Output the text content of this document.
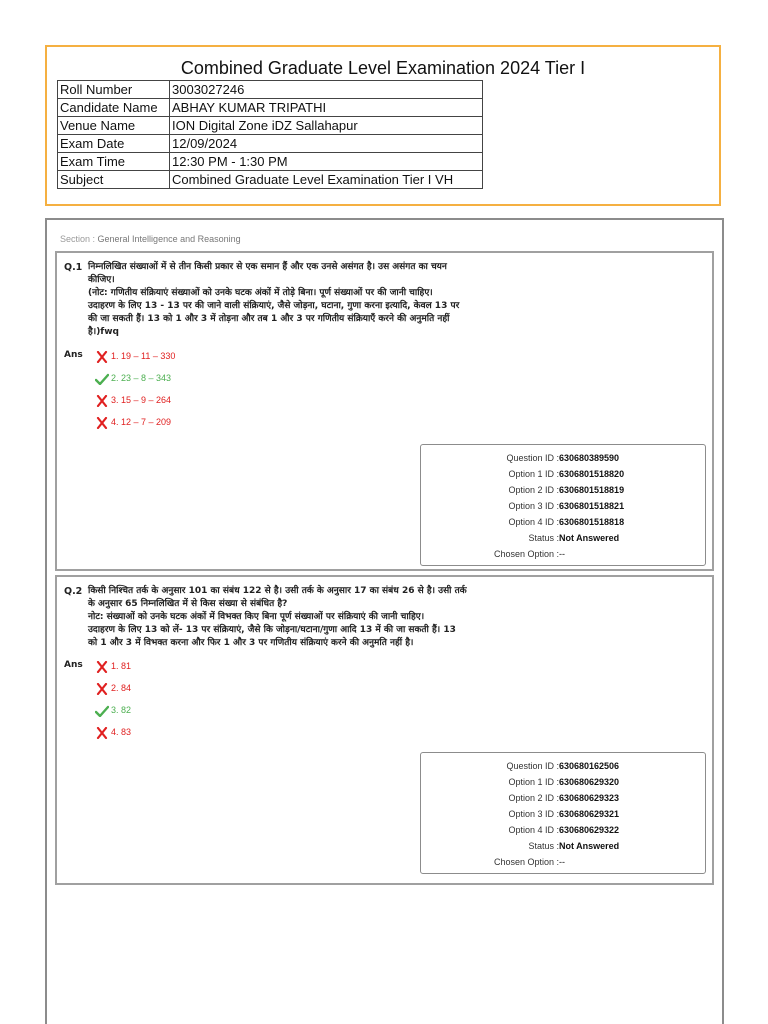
Combined Graduate Level Examination 2024 Tier I
Roll Number	3003027246
Candidate Name	ABHAY KUMAR TRIPATHI
Venue Name	ION Digital Zone iDZ Sallahapur
Exam Date	12/09/2024
Exam Time	12:30 PM - 1:30 PM
Subject	Combined Graduate Level Examination Tier I VH
Section : General Intelligence and Reasoning
Q.1 निम्नलिखित संख्याओं में से तीन किसी प्रकार से एक समान हैं और एक उनसे असंगत है। उस असंगत का चयन
कीजिए।
(नोट: गणितीय संक्रियाएं संख्याओं को उनके घटक अंकों में तोड़े बिना। पूर्ण संख्याओं पर की जानी चाहिए।
उदाहरण के लिए 13 - 13 पर की जाने वाली संक्रियाएं, जैसे जोड़ना, घटाना, गुणा करना इत्यादि, केवल 13 पर
की जा सकती हैं। 13 को 1 और 3 में तोड़ना और तब 1 और 3 पर गणितीय संक्रियाएँ करने की अनुमति नहीं
है।)fwq
Ans	1. 19 – 11 – 330
2. 23 – 8 – 343
3. 15 – 9 – 264
4. 12 – 7 – 209
Question ID :630680389590
Option 1 ID :6306801518820
Option 2 ID :6306801518819
Option 3 ID :6306801518821
Option 4 ID :6306801518818
Status :Not Answered
Chosen Option :--
Q.2 किसी निश्चित तर्क के अनुसार 101 का संबंध 122 से है। उसी तर्क के अनुसार 17 का संबंध 26 से है। उसी तर्क
के अनुसार 65 निम्नलिखित में से किस संख्या से संबंधित है?
नोट: संख्याओं को उनके घटक अंकों में विभक्त किए बिना पूर्ण संख्याओं पर संक्रियाएं की जानी चाहिए।
उदाहरण के लिए 13 को लें- 13 पर संक्रियाएं, जैसे कि जोड़ना/घटाना/गुणा आदि 13 में की जा सकती हैं। 13
को 1 और 3 में विभक्त करना और फिर 1 और 3 पर गणितीय संक्रियाएं करने की अनुमति नहीं है।
Ans	1. 81
2. 84
3. 82
4. 83
Question ID :630680162506
Option 1 ID :630680629320
Option 2 ID :630680629323
Option 3 ID :630680629321
Option 4 ID :630680629322
Status :Not Answered
Chosen Option :--
